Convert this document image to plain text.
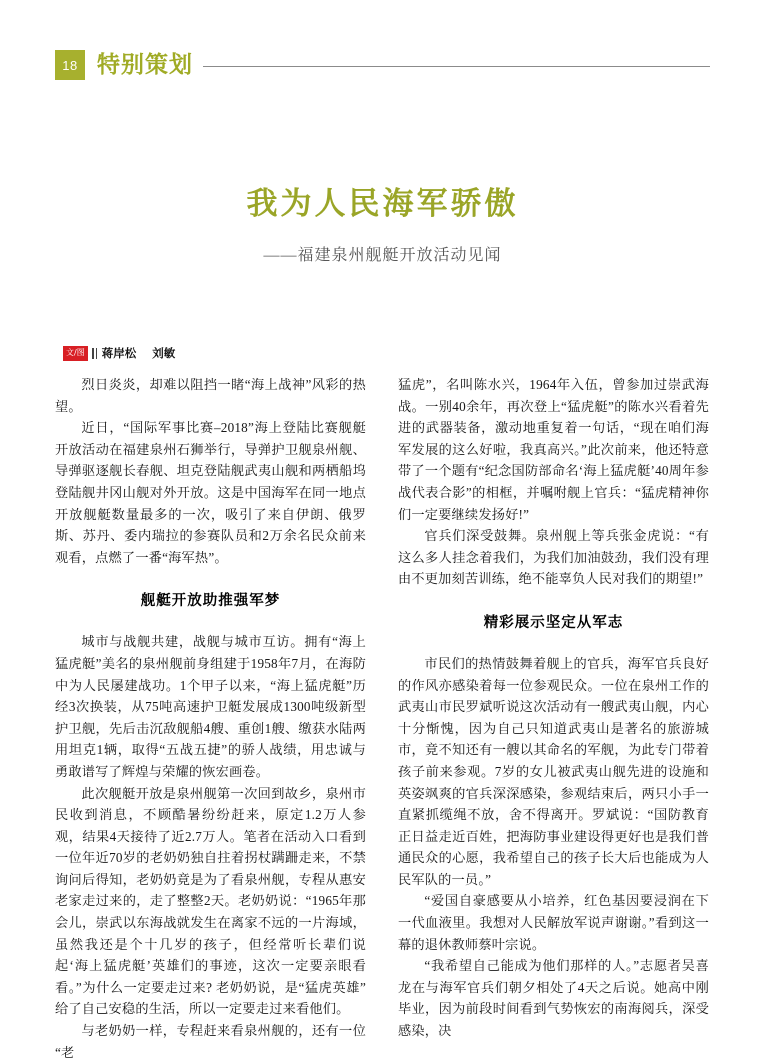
18 特别策划
我为人民海军骄傲
——福建泉州舰艇开放活动见闻
文/图 蒋岸松    刘敏

烈日炎炎，却难以阻挡一睹“海上战神”风彩的热望。

近日，“国际军事比赛–2018”海上登陆比赛舰艇开放活动在福建泉州石狮举行，导弹护卫舰泉州舰、导弹驱逐舰长春舰、坦克登陆舰武夷山舰和两栖船坞登陆舰井冈山舰对外开放。这是中国海军在同一地点开放舰艇数量最多的一次，吸引了来自伊朗、俄罗斯、苏丹、委内瑞拉的参赛队员和2万余名民众前来观看，点燃了一番“海军热”。

舰艇开放助推强军梦

城市与战舰共建，战舰与城市互访。拥有“海上猛虎艇”美名的泉州舰前身组建于1958年7月，在海防中为人民屡建战功。1个甲子以来，“海上猛虎艇”历经3次换装，从75吨高速护卫艇发展成1300吨级新型护卫舰，先后击沉敌舰船4艘、重创1艘、缴获水陆两用坦克1辆，取得“五战五捷”的骄人战绩，用忠诚与勇敢谱写了辉煌与荣耀的恢宏画卷。

此次舰艇开放是泉州舰第一次回到故乡，泉州市民收到消息，不顾酷暑纷纷赶来，原定1.2万人参观，结果4天接待了近2.7万人。笔者在活动入口看到一位年近70岁的老奶奶独自拄着拐杖蹒跚走来，不禁询问后得知，老奶奶竟是为了看泉州舰，专程从惠安老家走过来的，走了整整2天。老奶奶说：“1965年那会儿，崇武以东海战就发生在离家不远的一片海域，虽然我还是个十几岁的孩子，但经常听长辈们说起‘海上猛虎艇’英雄们的事迹，这次一定要亲眼看看。”为什么一定要走过来? 老奶奶说，是“猛虎英雄”给了自己安稳的生活，所以一定要走过来看他们。

与老奶奶一样，专程赶来看泉州舰的，还有一位“老

猛虎”，名叫陈水兴，1964年入伍，曾参加过崇武海战。一别40余年，再次登上“猛虎艇”的陈水兴看着先进的武器装备，激动地重复着一句话，“现在咱们海军发展的这么好啦，我真高兴。”此次前来，他还特意带了一个题有“纪念国防部命名‘海上猛虎艇’40周年参战代表合影”的相框，并嘱咐舰上官兵：“猛虎精神你们一定要继续发扬好!”

官兵们深受鼓舞。泉州舰上等兵张金虎说：“有这么多人挂念着我们，为我们加油鼓劲，我们没有理由不更加刻苦训练，绝不能辜负人民对我们的期望!”

精彩展示坚定从军志

市民们的热情鼓舞着舰上的官兵，海军官兵良好的作风亦感染着每一位参观民众。一位在泉州工作的武夷山市民罗斌听说这次活动有一艘武夷山舰，内心十分惭愧，因为自己只知道武夷山是著名的旅游城市，竟不知还有一艘以其命名的军舰，为此专门带着孩子前来参观。7岁的女儿被武夷山舰先进的设施和英姿飒爽的官兵深深感染，参观结束后，两只小手一直紧抓缆绳不放，舍不得离开。罗斌说：“国防教育正日益走近百姓，把海防事业建设得更好也是我们普通民众的心愿，我希望自己的孩子长大后也能成为人民军队的一员。”

“爱国自豪感要从小培养，红色基因要浸润在下一代血液里。我想对人民解放军说声谢谢。”看到这一幕的退休教师蔡叶宗说。

“我希望自己能成为他们那样的人。”志愿者吴喜龙在与海军官兵们朝夕相处了4天之后说。她高中刚毕业，因为前段时间看到气势恢宏的南海阅兵，深受感染，决
